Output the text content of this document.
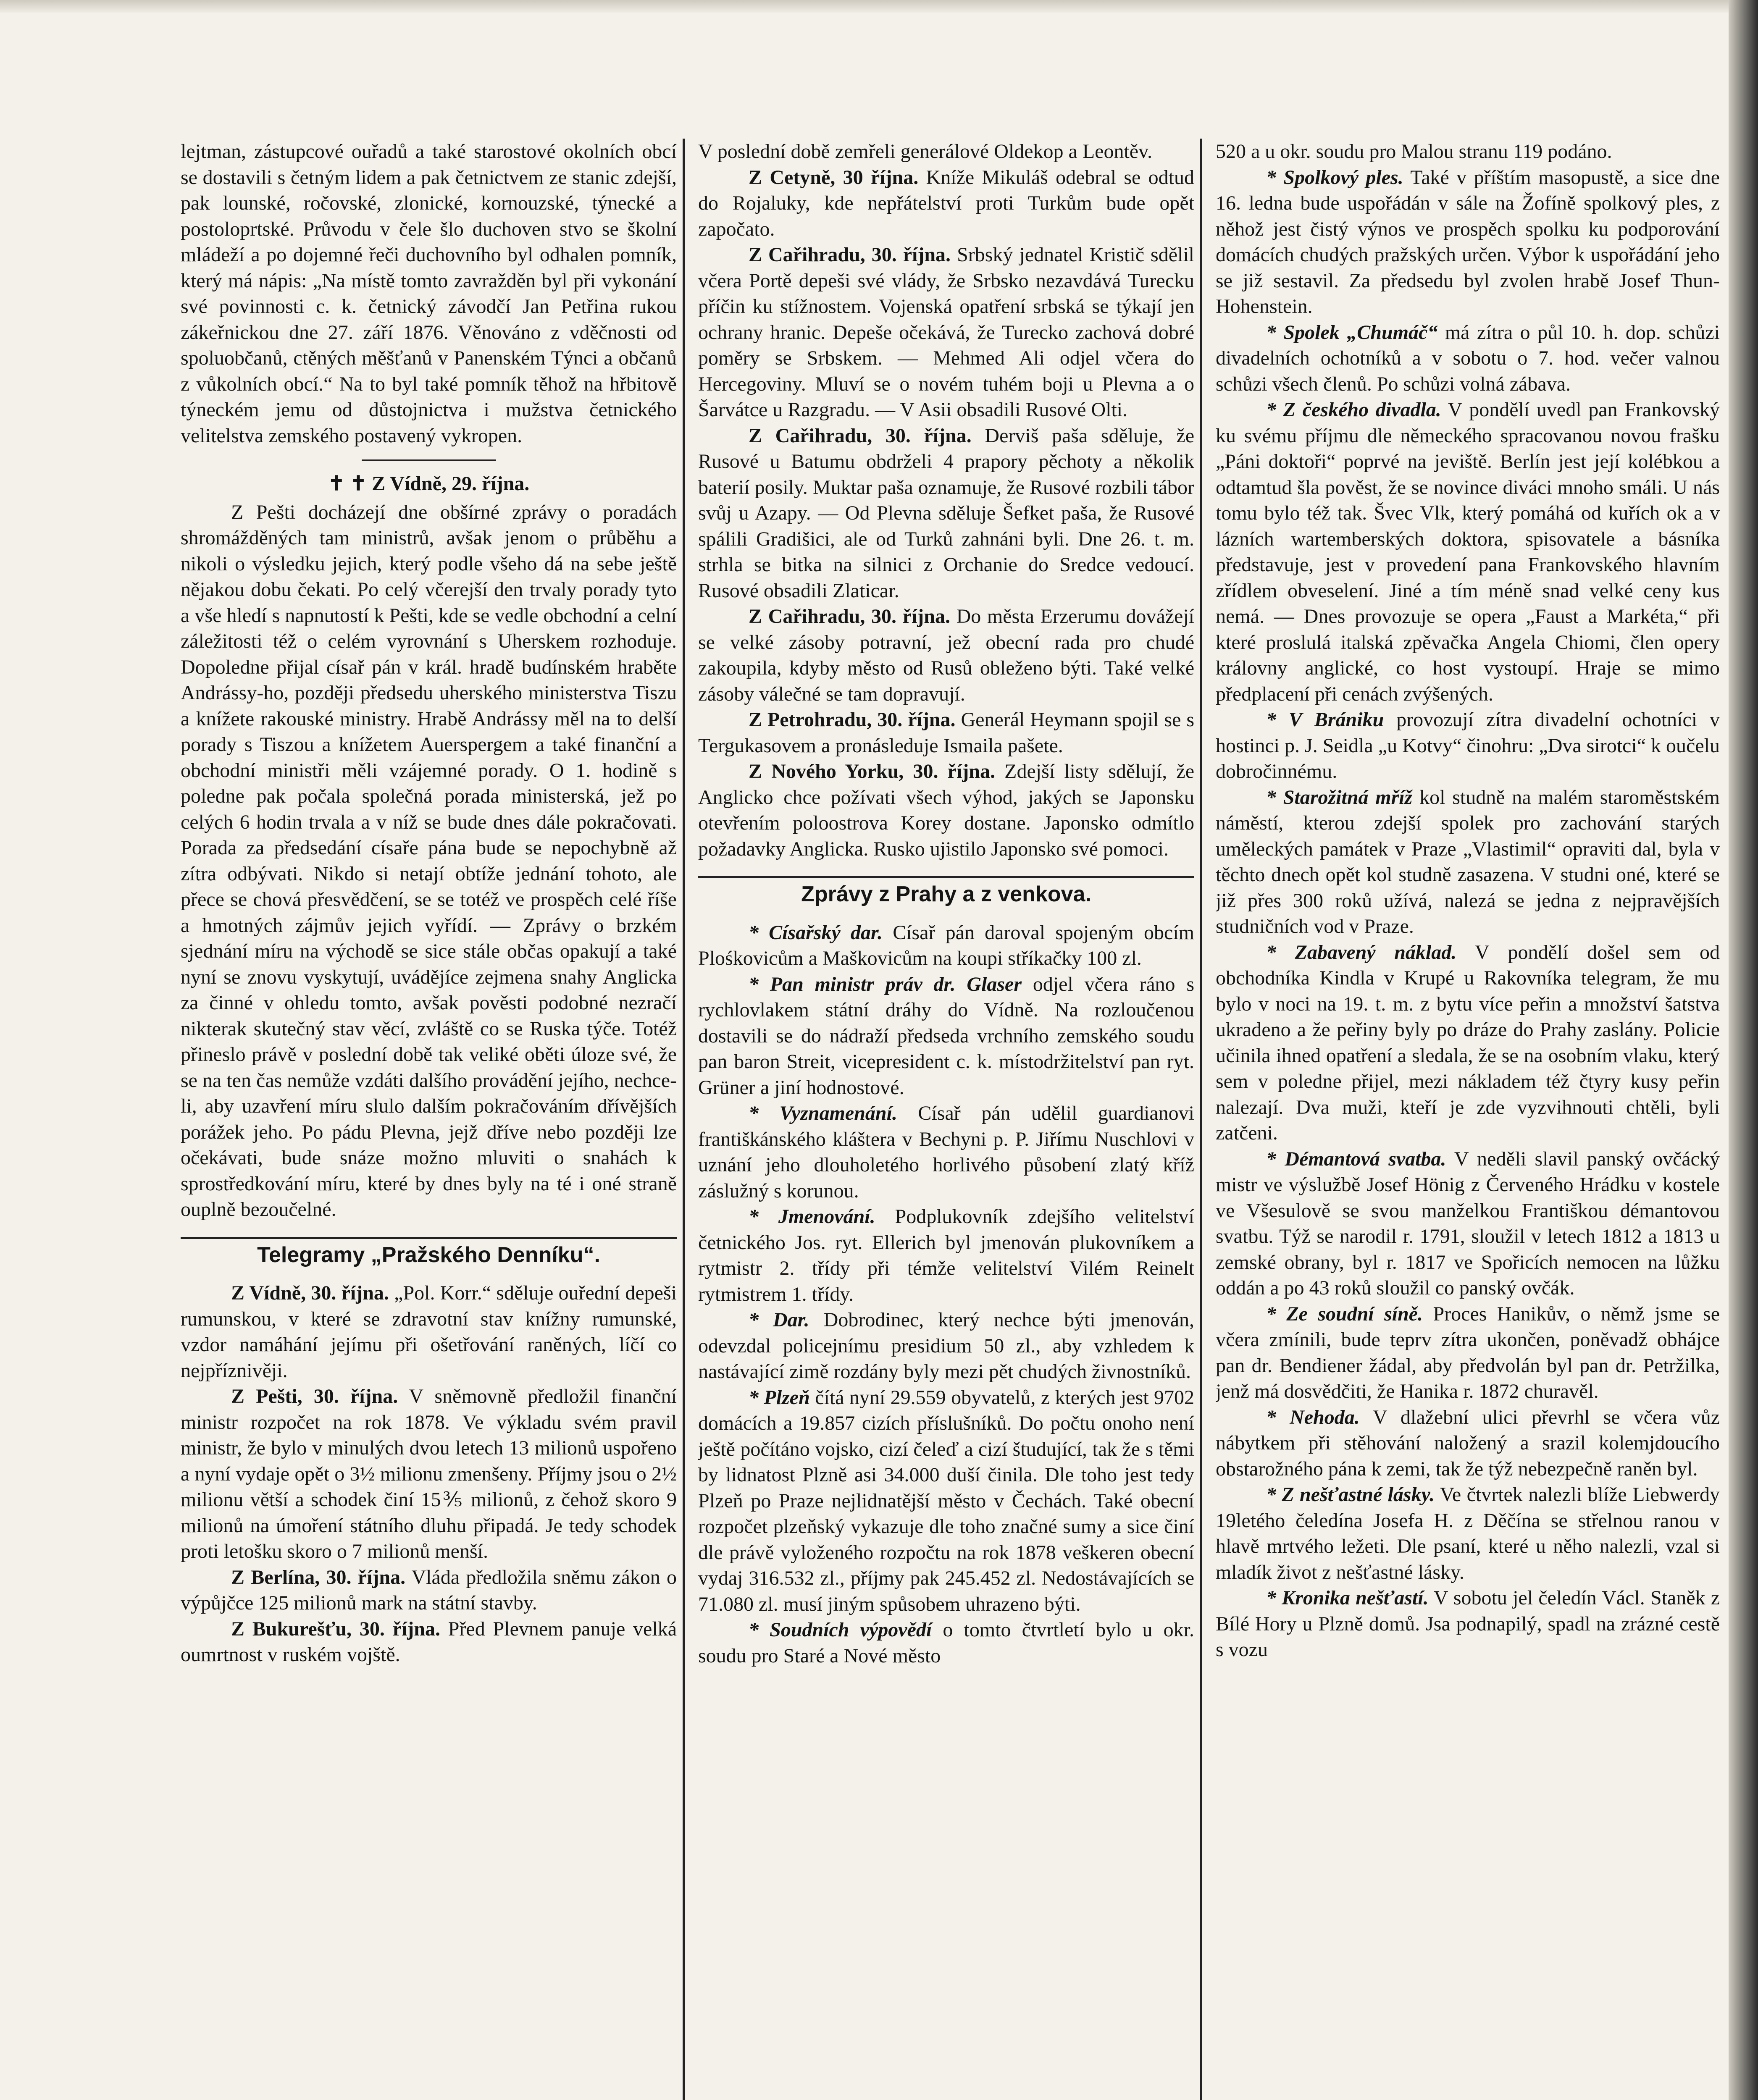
lejtman, zástupcové ouřadů a také starostové okolních obcí se dostavili s četným lidem a pak četnictvem ze stanic zdejší, pak lounské, ročovské, zlonické, kornouzské, týnecké a postoloprtské. Průvodu v čele šlo duchoven stvo se školní mládeží a po dojemné řeči duchovního byl odhalen pomník, který má nápis: „Na místě tomto zavražděn byl při vykonání své povinnosti c. k. četnický závodčí Jan Petřina rukou zákeřnickou dne 27. září 1876. Věnováno z vděčnosti od spoluobčanů, ctěných měšťanů v Panenském Týnci a občanů z vůkolních obcí.“ Na to byl také pomník těhož na hřbitově týneckém jemu od důstojnictva i mužstva četnického velitelstva zemského postavený vykropen.

✝ ✝ Z Vídně, 29. října.

Z Pešti docházejí dne obšírné zprávy o poradách shromážděných tam ministrů, avšak jenom o průběhu a nikoli o výsledku jejich, který podle všeho dá na sebe ještě nějakou dobu čekati. Po celý včerejší den trvaly porady tyto a vše hledí s napnutostí k Pešti, kde se vedle obchodní a celní záležitosti též o celém vyrovnání s Uherskem rozhoduje. Dopoledne přijal císař pán v král. hradě budínském hraběte Andrássy-ho, později předsedu uherského ministerstva Tiszu a knížete rakouské ministry. Hrabě Andrássy měl na to delší porady s Tiszou a knížetem Auerspergem a také finanční a obchodní ministři měli vzájemné porady. O 1. hodině s poledne pak počala společná porada ministerská, jež po celých 6 hodin trvala a v níž se bude dnes dále pokračovati. Porada za předsedání císaře pána bude se nepochybně až zítra odbývati. Nikdo si netají obtíže jednání tohoto, ale přece se chová přesvědčení, se se totéž ve prospěch celé říše a hmotných zájmův jejich vyřídí. — Zprávy o brzkém sjednání míru na východě se sice stále občas opakují a také nyní se znovu vyskytují, uvádějíce zejmena snahy Anglicka za činné v ohledu tomto, avšak pověsti podobné nezračí nikterak skutečný stav věcí, zvláště co se Ruska týče. Totéž přineslo právě v poslední době tak veliké oběti úloze své, že se na ten čas nemůže vzdáti dalšího provádění jejího, nechce-li, aby uzavření míru slulo dalším pokračováním dřívějších porážek jeho. Po pádu Plevna, jejž dříve nebo později lze očekávati, bude snáze možno mluviti o snahách k sprostředkování míru, které by dnes byly na té i oné straně ouplně bezoučelné.

Telegramy „Pražského Denníku“.

Z Vídně, 30. října. „Pol. Korr.“ sděluje ouřední depeši rumunskou, v které se zdravotní stav knížny rumunské, vzdor namáhání jejímu při ošetřování raněných, líčí co nejpříznivěji.

Z Pešti, 30. října. V sněmovně předložil finanční ministr rozpočet na rok 1878. Ve výkladu svém pravil ministr, že bylo v minulých dvou letech 13 milionů uspořeno a nyní vydaje opět o 3½ milionu zmenšeny. Příjmy jsou o 2½ milionu větší a schodek činí 15⅗ milionů, z čehož skoro 9 milionů na úmoření státního dluhu připadá. Je tedy schodek proti letošku skoro o 7 milionů menší.

Z Berlína, 30. října. Vláda předložila sněmu zákon o výpůjčce 125 milionů mark na státní stavby.

Z Bukurešťu, 30. října. Před Plevnem panuje velká oumrtnost v ruském vojště.

V poslední době zemřeli generálové Oldekop a Leontěv.

Z Cetyně, 30 října. Kníže Mikuláš odebral se odtud do Rojaluky, kde nepřátelství proti Turkům bude opět započato.

Z Cařihradu, 30. října. Srbský jednatel Kristič sdělil včera Portě depeši své vlády, že Srbsko nezavdává Turecku příčin ku stížnostem. Vojenská opatření srbská se týkají jen ochrany hranic. Depeše očekává, že Turecko zachová dobré poměry se Srbskem. — Mehmed Ali odjel včera do Hercegoviny. Mluví se o novém tuhém boji u Plevna a o Šarvátce u Razgradu. — V Asii obsadili Rusové Olti.

Z Cařihradu, 30. října. Derviš paša sděluje, že Rusové u Batumu obdrželi 4 prapory pěchoty a několik baterií posily. Muktar paša oznamuje, že Rusové rozbili tábor svůj u Azapy. — Od Plevna sděluje Šefket paša, že Rusové spálili Gradišici, ale od Turků zahnáni byli. Dne 26. t. m. strhla se bitka na silnici z Orchanie do Sredce vedoucí. Rusové obsadili Zlaticar.

Z Cařihradu, 30. října. Do města Erzerumu dovážejí se velké zásoby potravní, jež obecní rada pro chudé zakoupila, kdyby město od Rusů obleženo býti. Také velké zásoby válečné se tam dopravují.

Z Petrohradu, 30. října. Generál Heymann spojil se s Tergukasovem a pronásleduje Ismaila pašete.

Z Nového Yorku, 30. října. Zdejší listy sdělují, že Anglicko chce požívati všech výhod, jakých se Japonsku otevřením poloostrova Korey dostane. Japonsko odmítlo požadavky Anglicka. Rusko ujistilo Japonsko své pomoci.

Zprávy z Prahy a z venkova.

* Císařský dar. Císař pán daroval spojeným obcím Plośkovicům a Maškovicům na koupi stříkačky 100 zl.

* Pan ministr práv dr. Glaser odjel včera ráno s rychlovlakem státní dráhy do Vídně. Na rozloučenou dostavili se do nádraží předseda vrchního zemského soudu pan baron Streit, vicepresident c. k. místodržitelství pan ryt. Grüner a jiní hodnostové.

* Vyznamenání. Císař pán udělil guardianovi františkánského kláštera v Bechyni p. P. Jiřímu Nuschlovi v uznání jeho dlouholetého horlivého působení zlatý kříž záslužný s korunou.

* Jmenování. Podplukovník zdejšího velitelství četnického Jos. ryt. Ellerich byl jmenován plukovníkem a rytmistr 2. třídy při témže velitelství Vilém Reinelt rytmistrem 1. třídy.

* Dar. Dobrodinec, který nechce býti jmenován, odevzdal policejnímu presidium 50 zl., aby vzhledem k nastávající zimě rozdány byly mezi pět chudých živnostníků.

* Plzeň čítá nyní 29.559 obyvatelů, z kterých jest 9702 domácích a 19.857 cizích příslušníků. Do počtu onoho není ještě počítáno vojsko, cizí čeleď a cizí študující, tak že s těmi by lidnatost Plzně asi 34.000 duší činila. Dle toho jest tedy Plzeň po Praze nejlidnatější město v Čechách. Také obecní rozpočet plzeňský vykazuje dle toho značné sumy a sice činí dle právě vyloženého rozpočtu na rok 1878 veškeren obecní vydaj 316.532 zl., příjmy pak 245.452 zl. Nedostávajících se 71.080 zl. musí jiným spůsobem uhrazeno býti.

* Soudních výpovědí o tomto čtvrtletí bylo u okr. soudu pro Staré a Nové město

520 a u okr. soudu pro Malou stranu 119 podáno.

* Spolkový ples. Také v příštím masopustě, a sice dne 16. ledna bude uspořádán v sále na Žofíně spolkový ples, z něhož jest čistý výnos ve prospěch spolku ku podporování domácích chudých pražských určen. Výbor k uspořádání jeho se již sestavil. Za předsedu byl zvolen hrabě Josef Thun-Hohenstein.

* Spolek „Chumáč“ má zítra o půl 10. h. dop. schůzi divadelních ochotníků a v sobotu o 7. hod. večer valnou schůzi všech členů. Po schůzi volná zábava.

* Z českého divadla. V pondělí uvedl pan Frankovský ku svému příjmu dle německého spracovanou novou frašku „Páni doktoři“ poprvé na jeviště. Berlín jest její kolébkou a odtamtud šla pověst, že se novince diváci mnoho smáli. U nás tomu bylo též tak. Švec Vlk, který pomáhá od kuřích ok a v lázních wartemberských doktora, spisovatele a básníka představuje, jest v provedení pana Frankovského hlavním zřídlem obveselení. Jiné a tím méně snad velké ceny kus nemá. — Dnes provozuje se opera „Faust a Markéta,“ při které proslulá italská zpěvačka Angela Chiomi, člen opery královny anglické, co host vystoupí. Hraje se mimo předplacení při cenách zvýšených.

* V Brániku provozují zítra divadelní ochotníci v hostinci p. J. Seidla „u Kotvy“ činohru: „Dva sirotci“ k oučelu dobročinnému.

* Starožitná mříž kol studně na malém staroměstském náměstí, kterou zdejší spolek pro zachování starých uměleckých památek v Praze „Vlastimil“ opraviti dal, byla v těchto dnech opět kol studně zasazena. V studni oné, které se již přes 300 roků užívá, nalezá se jedna z nejpravějších studničních vod v Praze.

* Zabavený náklad. V pondělí došel sem od obchodníka Kindla v Krupé u Rakovníka telegram, že mu bylo v noci na 19. t. m. z bytu více peřin a množství šatstva ukradeno a že peřiny byly po dráze do Prahy zaslány. Policie učinila ihned opatření a sledala, že se na osobním vlaku, který sem v poledne přijel, mezi nákladem též čtyry kusy peřin nalezají. Dva muži, kteří je zde vyzvihnouti chtěli, byli zatčeni.

* Démantová svatba. V neděli slavil panský ovčácký mistr ve výslužbě Josef Hönig z Červeného Hrádku v kostele ve Všesulově se svou manželkou Františkou démantovou svatbu. Týž se narodil r. 1791, sloužil v letech 1812 a 1813 u zemské obrany, byl r. 1817 ve Spořicích nemocen na lůžku oddán a po 43 roků sloužil co panský ovčák.

* Ze soudní síně. Proces Hanikův, o němž jsme se včera zmínili, bude teprv zítra ukončen, poněvadž obhájce pan dr. Bendiener žádal, aby předvolán byl pan dr. Petržilka, jenž má dosvědčiti, že Hanika r. 1872 churavěl.

* Nehoda. V dlažební ulici převrhl se včera vůz nábytkem při stěhování naložený a srazil kolemjdoucího obstarožného pána k zemi, tak že týž nebezpečně raněn byl.

* Z nešťastné lásky. Ve čtvrtek nalezli blíže Liebwerdy 19letého čeledína Josefa H. z Děčína se střelnou ranou v hlavě mrtvého ležeti. Dle psaní, které u něho nalezli, vzal si mladík život z nešťastné lásky.

* Kronika nešťastí. V sobotu jel čeledín Václ. Staněk z Bílé Hory u Plzně domů. Jsa podnapilý, spadl na zrázné cestě s vozu
